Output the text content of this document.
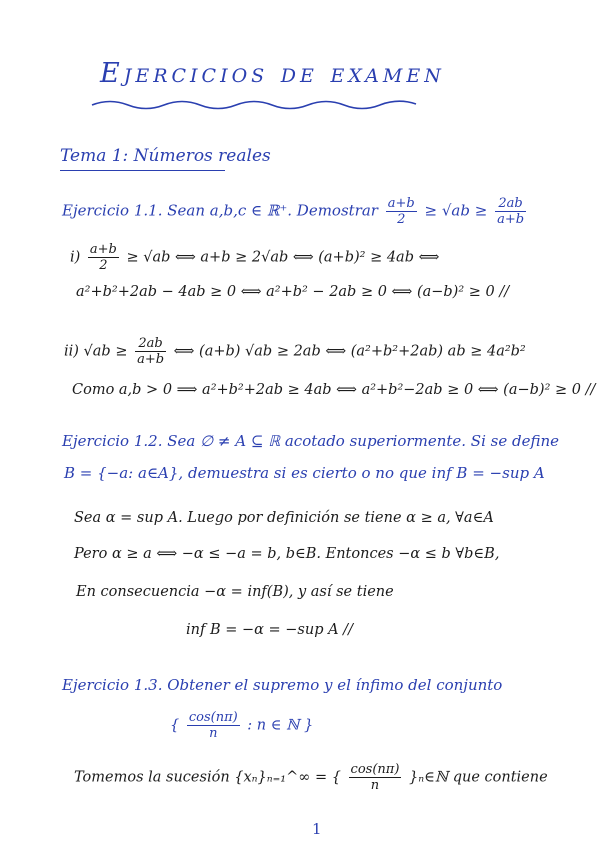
Ejercicios de examen
Tema 1: Números reales
Ejercicio 1.1. Sean a,b,c ∈ ℝ⁺. Demostrar $\frac{a+b}{2} \ge √ab \ge \frac{2ab}{a+b}$
$i) \frac{a+b}{2} \ge √ab$ ⟺ a+b ≥ 2√ab ⟺ (a+b)² ≥ 4ab ⟺
a²+b²+2ab − 4ab ≥ 0 ⟺ a²+b² − 2ab ≥ 0 ⟺ (a−b)² ≥ 0 //
ii) $√ab \ge \frac{2ab}{a+b}$ ⟺ (a+b) √ab ≥ 2ab ⟺ (a²+b²+2ab) ab ≥ 4a²b²
Como a,b > 0 ⟹ a²+b²+2ab ≥ 4ab ⟺ a²+b²−2ab ≥ 0 ⟺ (a−b)² ≥ 0 //
Ejercicio 1.2. Sea ∅ ≠ A ⊆ ℝ acotado superiormente. Si se define
B = {−a: a∈A}, demuestra si es cierto o no que inf B = −sup A
Sea α = sup A. Luego por definición se tiene α ≥ a, ∀a∈A
Pero α ≥ a ⟺ −α ≤ −a = b, b∈B. Entonces −α ≤ b ∀b∈B,
En consecuencia −α = inf(B), y así se tiene
inf B = −α = −sup A //
Ejercicio 1.3. Obtener el supremo y el ínfimo del conjunto
{ $\frac{\cos(n\pi)}{n}$ : n ∈ ℕ }
Tomemos la sucesión {xₙ}ₙ₌₁^∞ = { $\frac{\cos(n\pi)}{n}$ }ₙ∈ℕ que contiene
1
